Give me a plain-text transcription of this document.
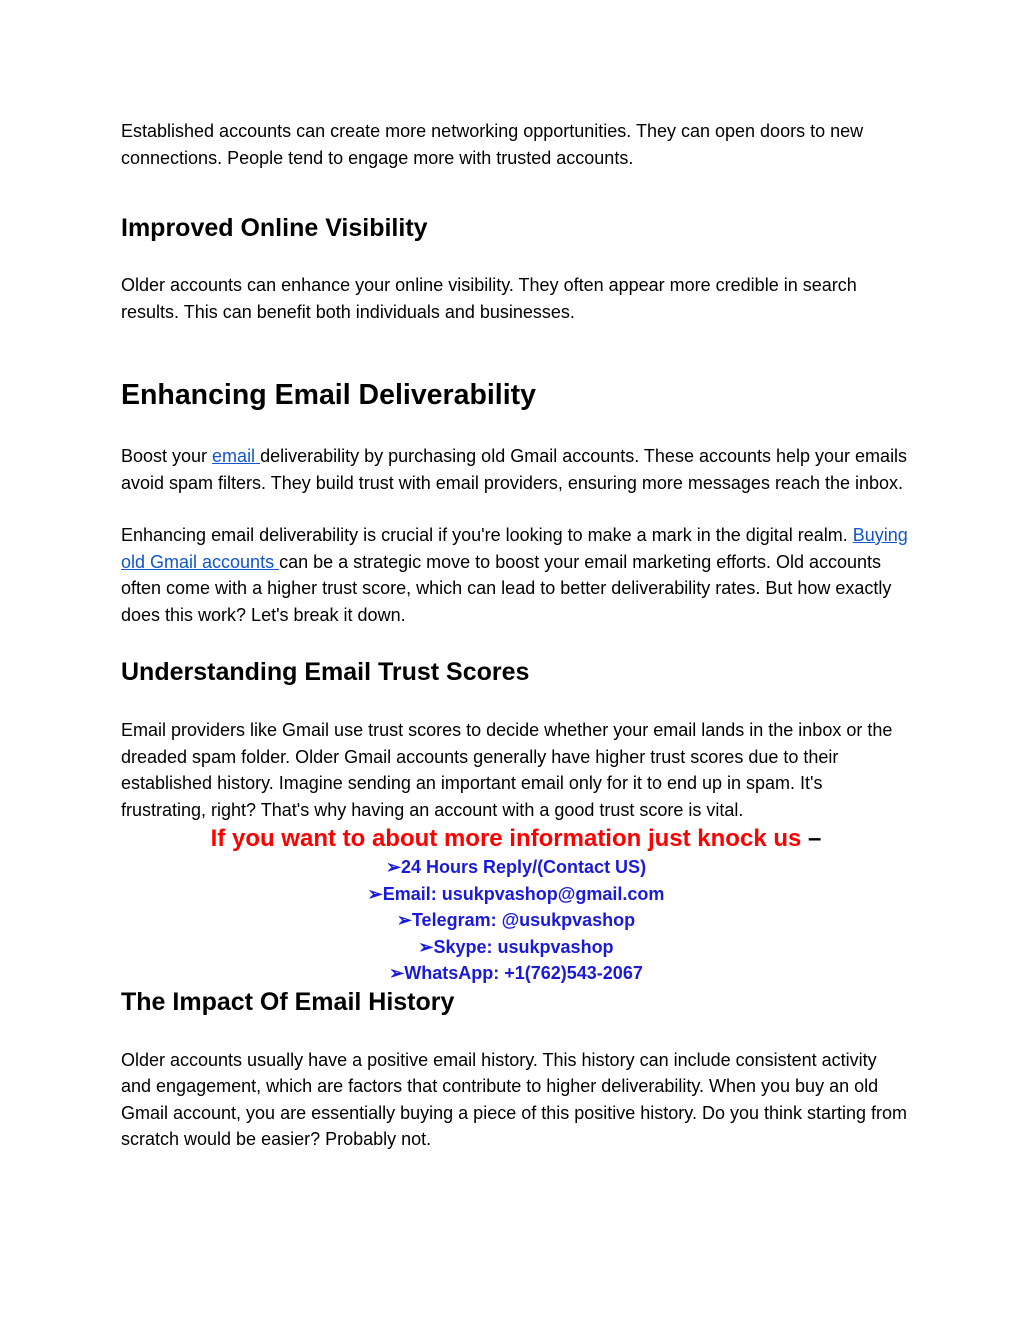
Established accounts can create more networking opportunities. They can open doors to new connections. People tend to engage more with trusted accounts.

Improved Online Visibility

Older accounts can enhance your online visibility. They often appear more credible in search results. This can benefit both individuals and businesses.

Enhancing Email Deliverability

Boost your email deliverability by purchasing old Gmail accounts. These accounts help your emails avoid spam filters. They build trust with email providers, ensuring more messages reach the inbox.

Enhancing email deliverability is crucial if you're looking to make a mark in the digital realm. Buying old Gmail accounts can be a strategic move to boost your email marketing efforts. Old accounts often come with a higher trust score, which can lead to better deliverability rates. But how exactly does this work? Let's break it down.

Understanding Email Trust Scores

Email providers like Gmail use trust scores to decide whether your email lands in the inbox or the dreaded spam folder. Older Gmail accounts generally have higher trust scores due to their established history. Imagine sending an important email only for it to end up in spam. It's frustrating, right? That's why having an account with a good trust score is vital.

If you want to about more information just knock us –
➢24 Hours Reply/(Contact US)
➢Email: usukpvashop@gmail.com
➢Telegram: @usukpvashop
➢Skype: usukpvashop
➢WhatsApp: +1(762)543-2067
The Impact Of Email History

Older accounts usually have a positive email history. This history can include consistent activity and engagement, which are factors that contribute to higher deliverability. When you buy an old Gmail account, you are essentially buying a piece of this positive history. Do you think starting from scratch would be easier? Probably not.
